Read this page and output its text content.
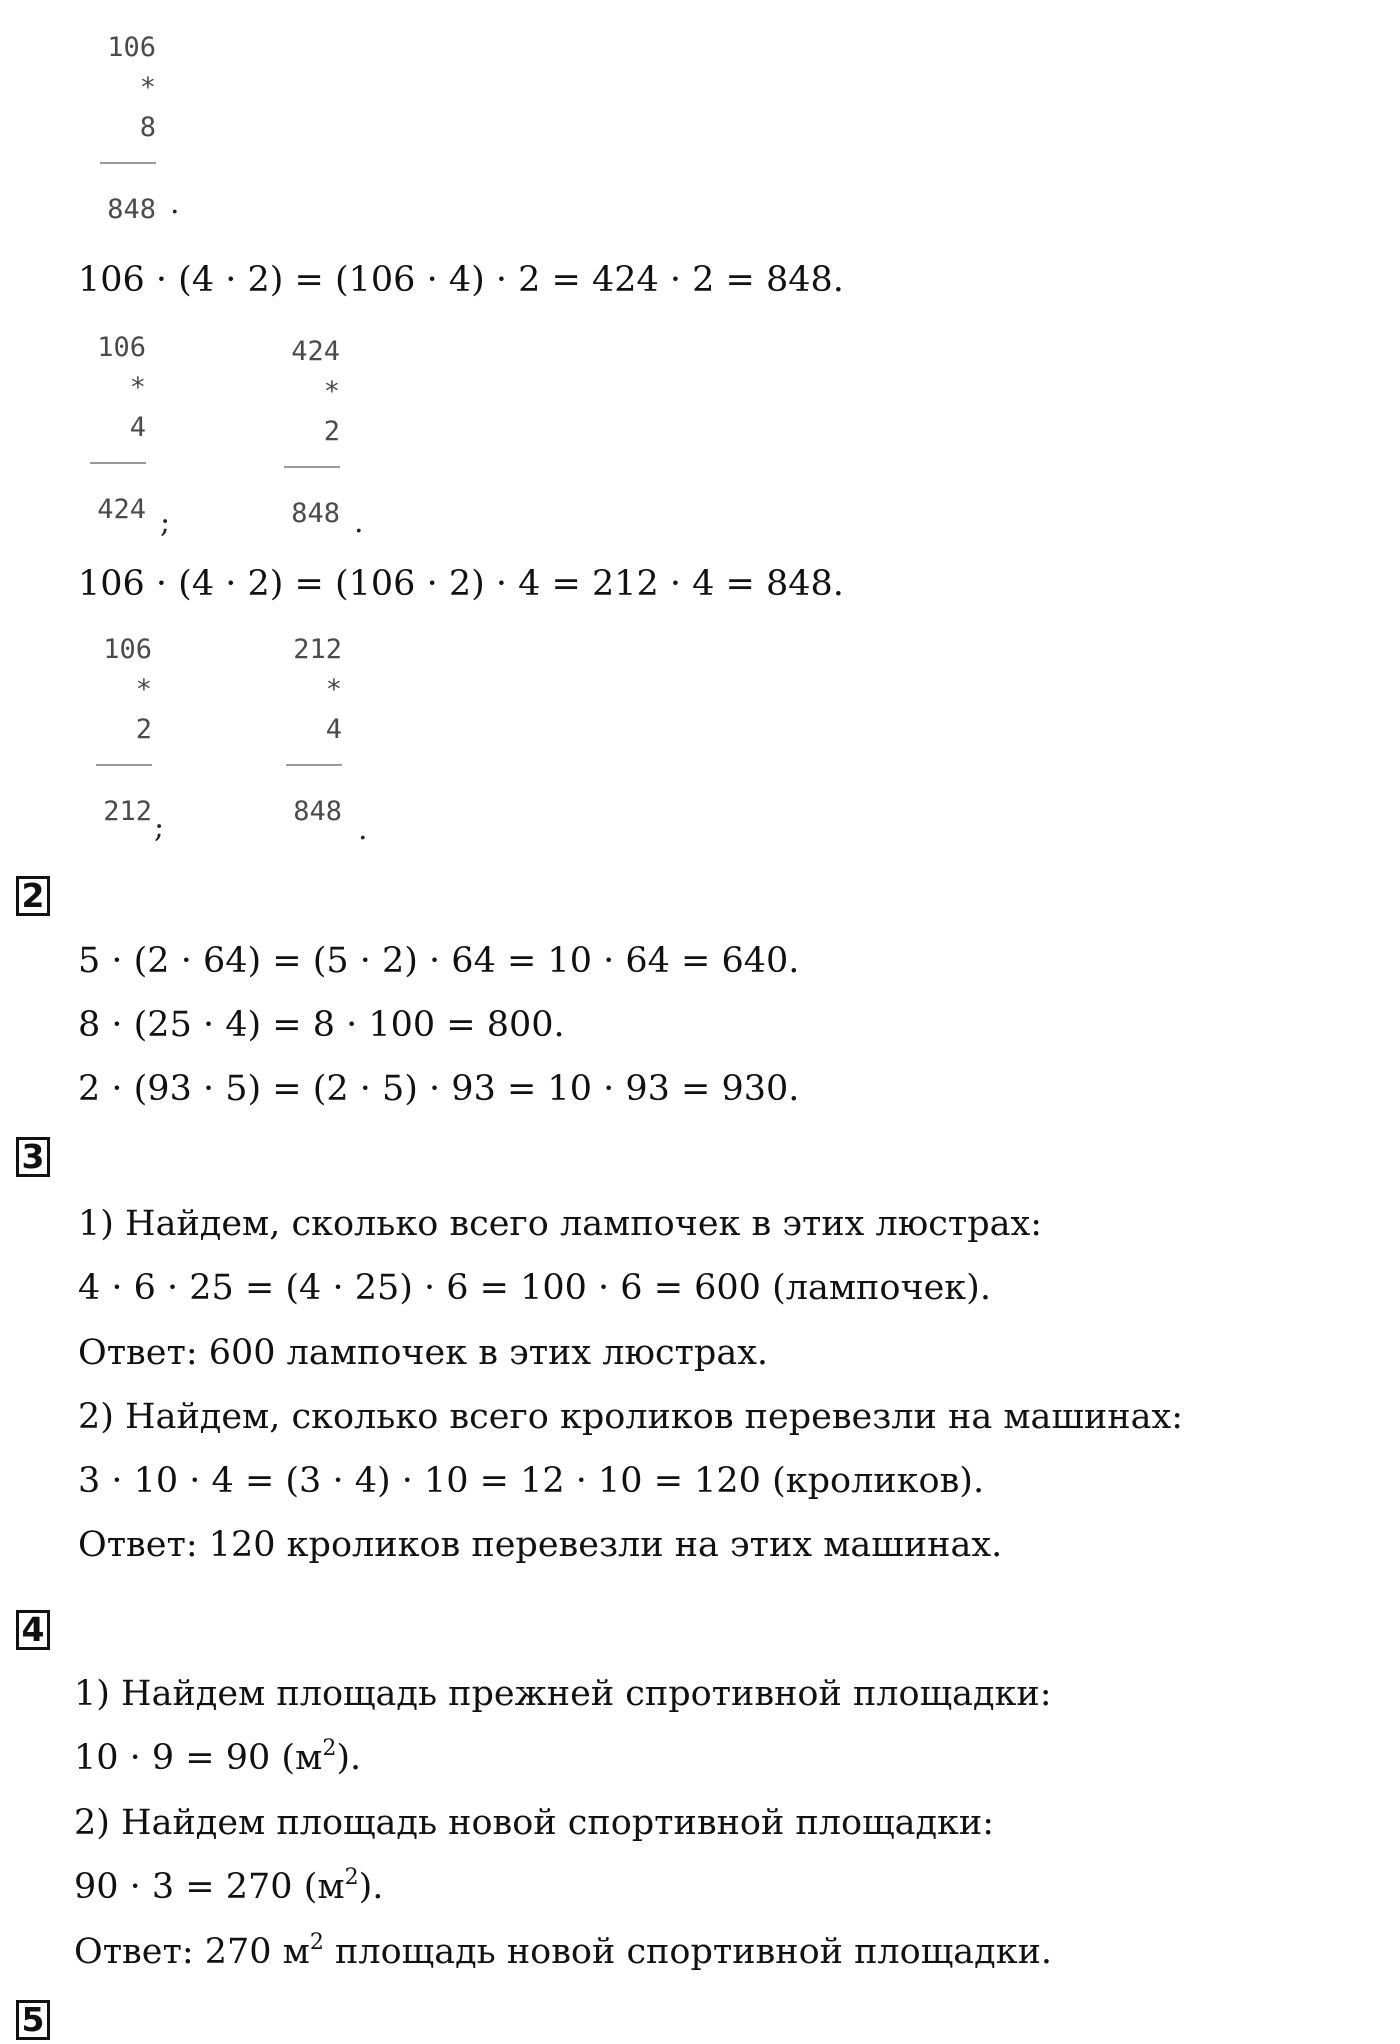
106
*
8
848 .
106 · (4 · 2) = (106 · 4) · 2 = 424 · 2 = 848.
106
*
4
424 ;
424
*
2
848 .
106 · (4 · 2) = (106 · 2) · 4 = 212 · 4 = 848.
106
*
2
212 ;
212
*
4
848
.
2
5 · (2 · 64) = (5 · 2) · 64 = 10 · 64 = 640.
8 · (25 · 4) = 8 · 100 = 800.
2 · (93 · 5) = (2 · 5) · 93 = 10 · 93 = 930.
3
1) Найдем, сколько всего лампочек в этих люстрах:
4 · 6 · 25 = (4 · 25) · 6 = 100 · 6 = 600 (лампочек).
Ответ: 600 лампочек в этих люстрах.
2) Найдем, сколько всего кроликов перевезли на машинах:
3 · 10 · 4 = (3 · 4) · 10 = 12 · 10 = 120 (кроликов).
Ответ: 120 кроликов перевезли на этих машинах.
4
1) Найдем площадь прежней спротивной площадки:
10 · 9 = 90 $(м^2)$.
2) Найдем площадь новой спортивной площадки:
90 · 3 = 270 $(м^2)$.
Ответ: 270 $м^2$ площадь новой спортивной площадки.
5
